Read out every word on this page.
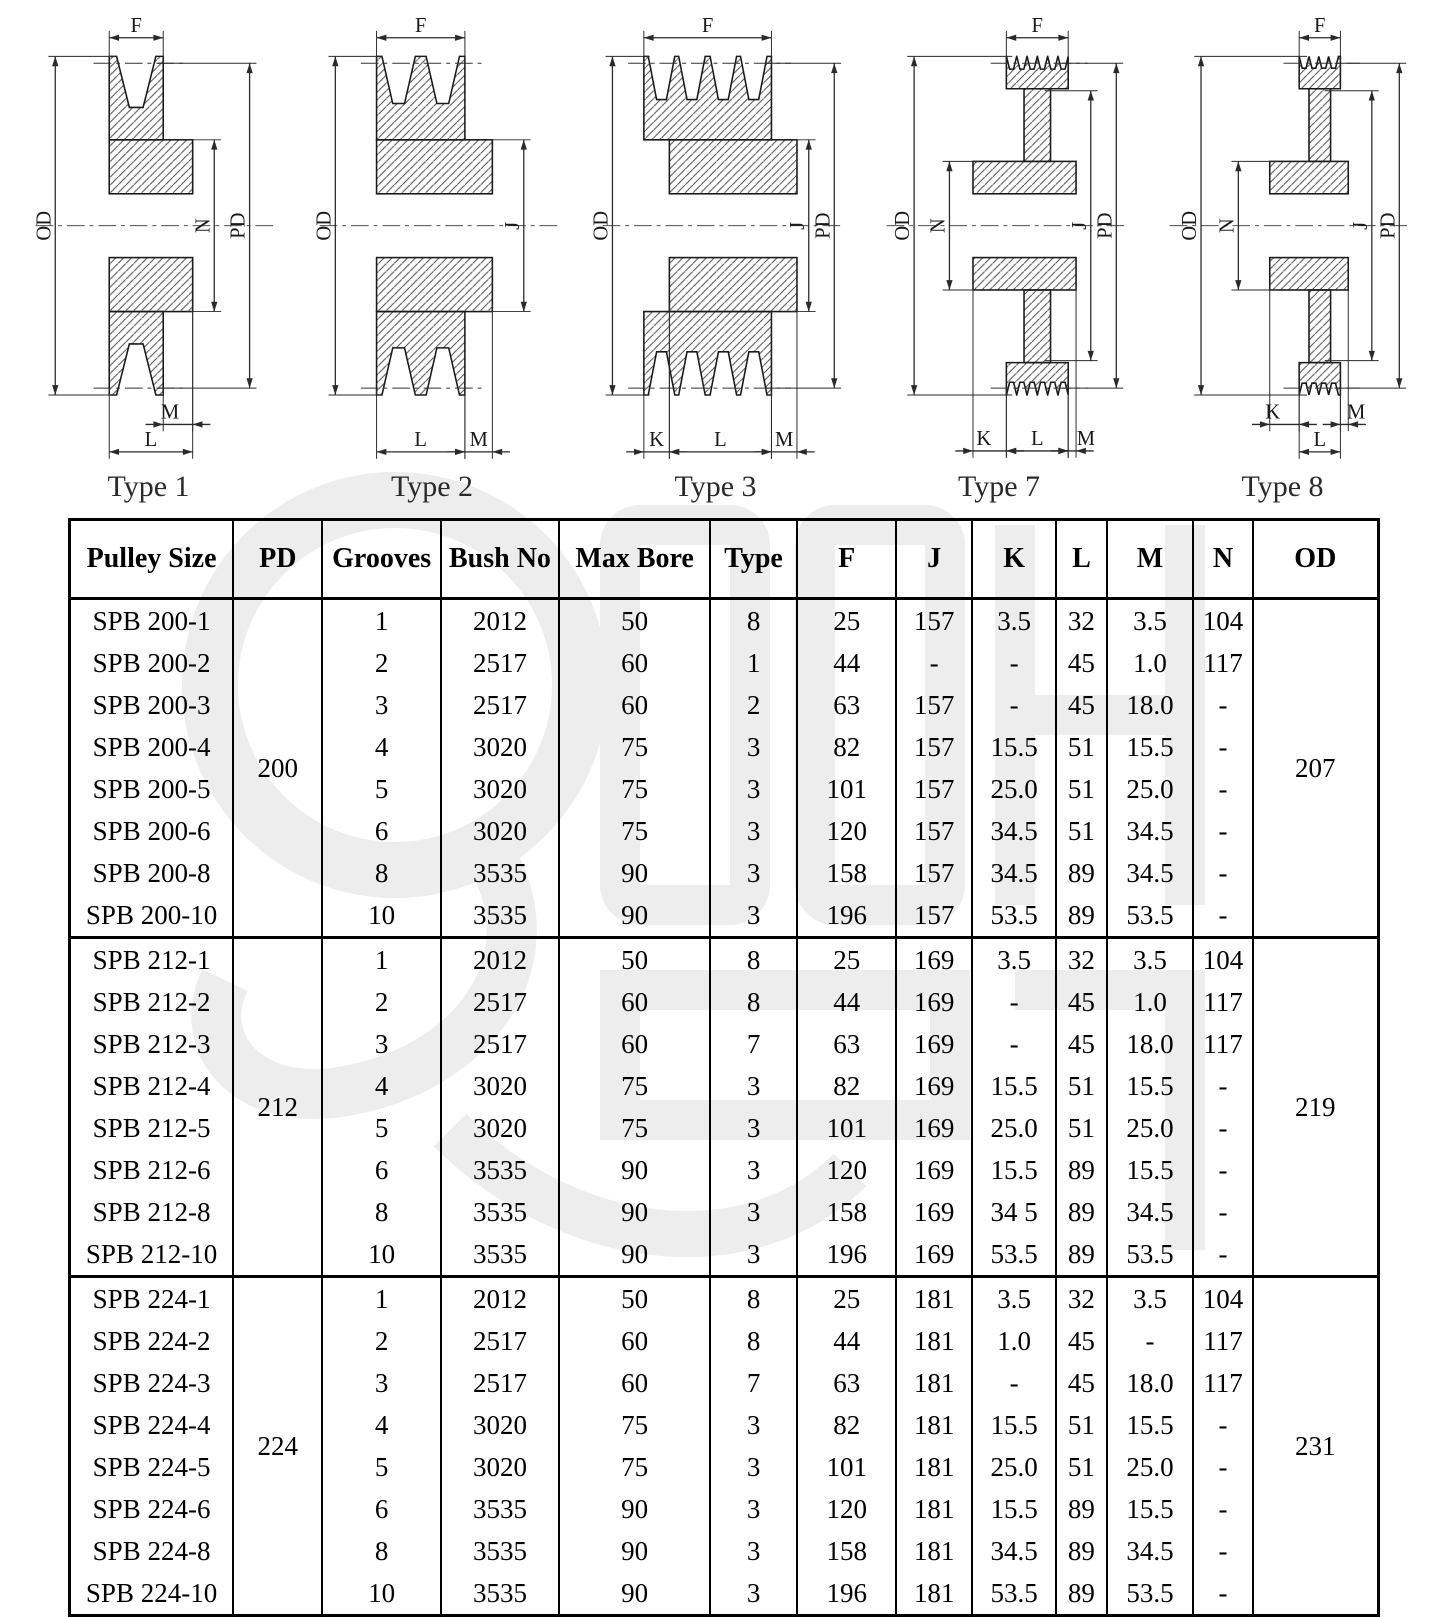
F
OD	N PD
M
L
Type 1
F
OD	J
L M
Type 2
F
OD	J PD
K L M
Type 3
F
OD N	J PD
K L M
Type 7
F
OD N	J PD
K	M
L
Type 8
Pulley Size	PD	Grooves	Bush No	Max Bore	Type	F	J	K	L	M	N	OD
SPB 200-1	200	1	2012	50	8	25	157	3.5	32	3.5	104	207
SPB 200-2		2	2517	60	1	44	-	-	45	1.0	117	
SPB 200-3		3	2517	60	2	63	157	-	45	18.0	-	
SPB 200-4		4	3020	75	3	82	157	15.5	51	15.5	-	
SPB 200-5		5	3020	75	3	101	157	25.0	51	25.0	-	
SPB 200-6		6	3020	75	3	120	157	34.5	51	34.5	-	
SPB 200-8		8	3535	90	3	158	157	34.5	89	34.5	-	
SPB 200-10		10	3535	90	3	196	157	53.5	89	53.5	-	
SPB 212-1	212	1	2012	50	8	25	169	3.5	32	3.5	104	219
SPB 212-2		2	2517	60	8	44	169	-	45	1.0	117	
SPB 212-3		3	2517	60	7	63	169	-	45	18.0	117	
SPB 212-4		4	3020	75	3	82	169	15.5	51	15.5	-	
SPB 212-5		5	3020	75	3	101	169	25.0	51	25.0	-	
SPB 212-6		6	3535	90	3	120	169	15.5	89	15.5	-	
SPB 212-8		8	3535	90	3	158	169	34 5	89	34.5	-	
SPB 212-10		10	3535	90	3	196	169	53.5	89	53.5	-	
SPB 224-1	224	1	2012	50	8	25	181	3.5	32	3.5	104	231
SPB 224-2		2	2517	60	8	44	181	1.0	45	-	117	
SPB 224-3		3	2517	60	7	63	181	-	45	18.0	117	
SPB 224-4		4	3020	75	3	82	181	15.5	51	15.5	-	
SPB 224-5		5	3020	75	3	101	181	25.0	51	25.0	-	
SPB 224-6		6	3535	90	3	120	181	15.5	89	15.5	-	
SPB 224-8		8	3535	90	3	158	181	34.5	89	34.5	-	
SPB 224-10		10	3535	90	3	196	181	53.5	89	53.5	-	
